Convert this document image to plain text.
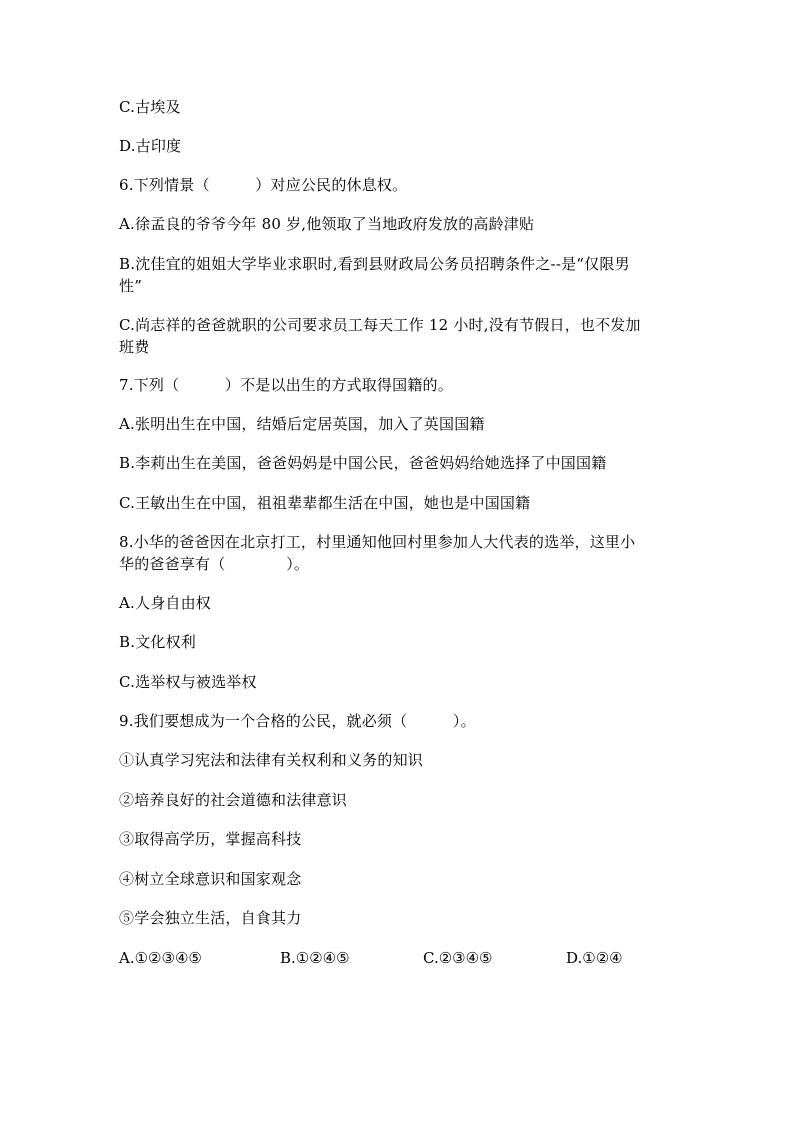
C.古埃及
D.古印度
6.下列情景（　　　）对应公民的休息权。
A.徐孟良的爷爷今年 80 岁,他领取了当地政府发放的高龄津贴
B.沈佳宜的姐姐大学毕业求职时,看到县财政局公务员招聘条件之--是“仅限男
性”
C.尚志祥的爸爸就职的公司要求员工每天工作 12 小时,没有节假日，也不发加
班费
7.下列（　　　）不是以出生的方式取得国籍的。
A.张明出生在中国，结婚后定居英国，加入了英国国籍
B.李莉出生在美国，爸爸妈妈是中国公民，爸爸妈妈给她选择了中国国籍
C.王敏出生在中国，祖祖辈辈都生活在中国，她也是中国国籍
8.小华的爸爸因在北京打工，村里通知他回村里参加人大代表的选举，这里小
华的爸爸享有（　　　　）。
A.人身自由权
B.文化权利
C.选举权与被选举权
9.我们要想成为一个合格的公民，就必须（　　　）。
①认真学习宪法和法律有关权利和义务的知识
②培养良好的社会道德和法律意识
③取得高学历，掌握高科技
④树立全球意识和国家观念
⑤学会独立生活，自食其力
A.①②③④⑤	B.①②④⑤	C.②③④⑤	D.①②④
